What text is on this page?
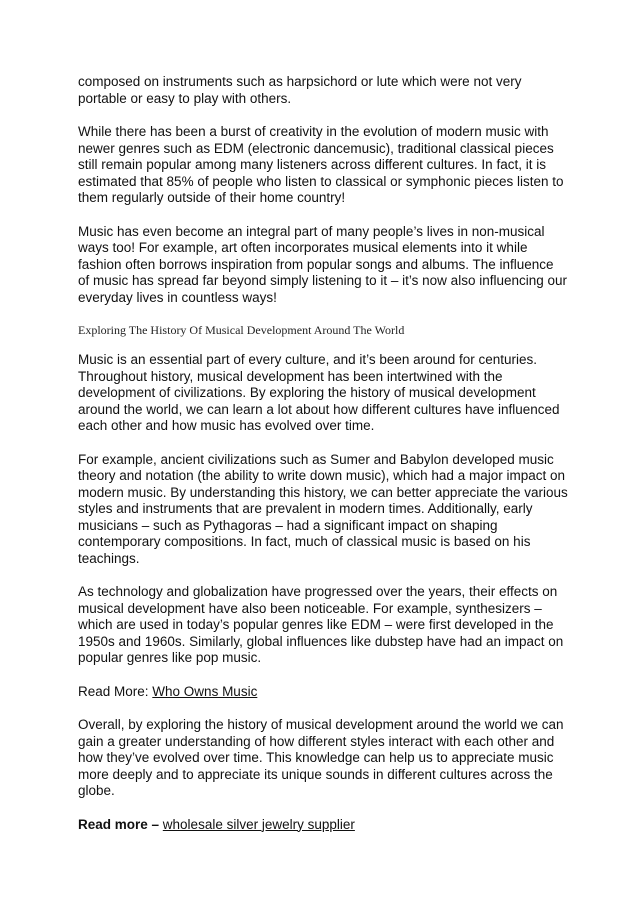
composed on instruments such as harpsichord or lute which were not very portable or easy to play with others.

While there has been a burst of creativity in the evolution of modern music with newer genres such as EDM (electronic dancemusic), traditional classical pieces still remain popular among many listeners across different cultures. In fact, it is estimated that 85% of people who listen to classical or symphonic pieces listen to them regularly outside of their home country!

Music has even become an integral part of many people’s lives in non-musical ways too! For example, art often incorporates musical elements into it while fashion often borrows inspiration from popular songs and albums. The influence of music has spread far beyond simply listening to it – it’s now also influencing our everyday lives in countless ways!

Exploring The History Of Musical Development Around The World

Music is an essential part of every culture, and it’s been around for centuries. Throughout history, musical development has been intertwined with the development of civilizations. By exploring the history of musical development around the world, we can learn a lot about how different cultures have influenced each other and how music has evolved over time.

For example, ancient civilizations such as Sumer and Babylon developed music theory and notation (the ability to write down music), which had a major impact on modern music. By understanding this history, we can better appreciate the various styles and instruments that are prevalent in modern times. Additionally, early musicians – such as Pythagoras – had a significant impact on shaping contemporary compositions. In fact, much of classical music is based on his teachings.

As technology and globalization have progressed over the years, their effects on musical development have also been noticeable. For example, synthesizers – which are used in today’s popular genres like EDM – were first developed in the 1950s and 1960s. Similarly, global influences like dubstep have had an impact on popular genres like pop music.

Read More: Who Owns Music

Overall, by exploring the history of musical development around the world we can gain a greater understanding of how different styles interact with each other and how they’ve evolved over time. This knowledge can help us to appreciate music more deeply and to appreciate its unique sounds in different cultures across the globe.

Read more – wholesale silver jewelry supplier
